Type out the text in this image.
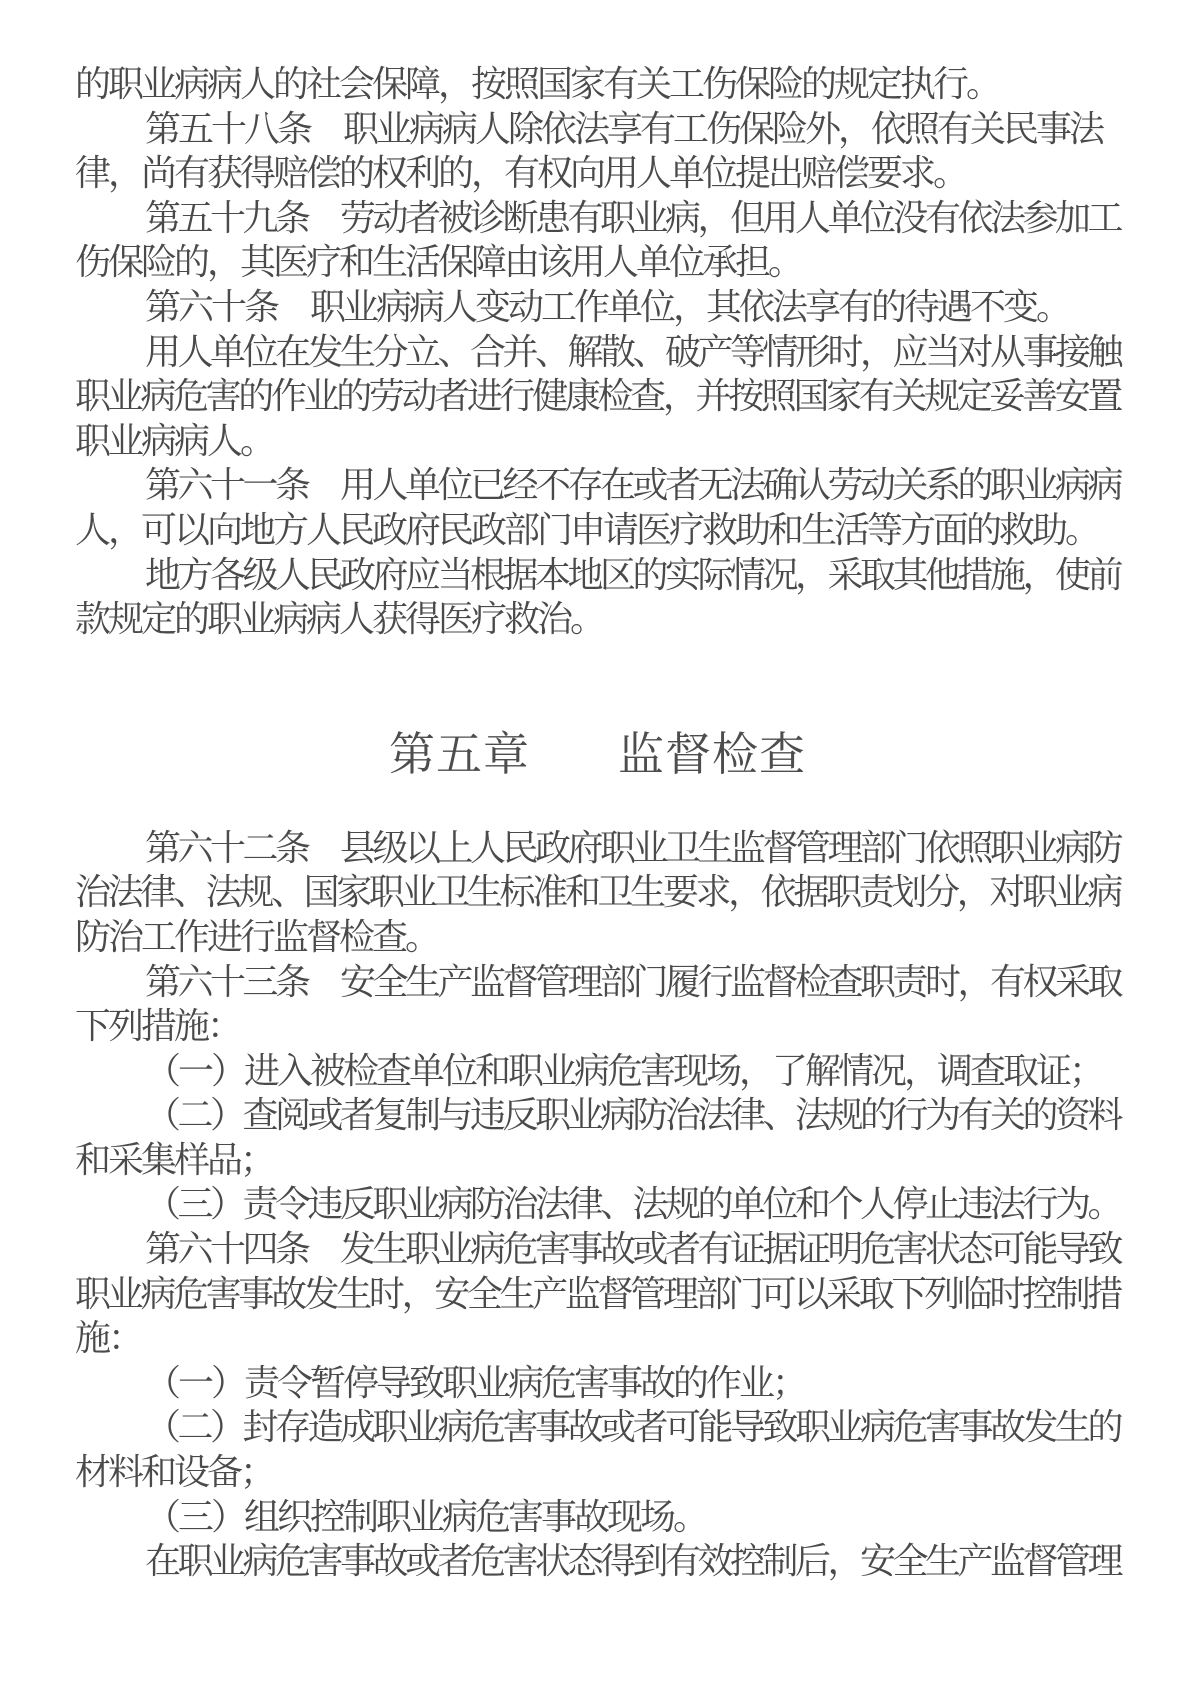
的职业病病人的社会保障，按照国家有关工伤保险的规定执行。
第五十八条　职业病病人除依法享有工伤保险外，依照有关民事法
律，尚有获得赔偿的权利的，有权向用人单位提出赔偿要求。
第五十九条　劳动者被诊断患有职业病，但用人单位没有依法参加工
伤保险的，其医疗和生活保障由该用人单位承担。
第六十条　职业病病人变动工作单位，其依法享有的待遇不变。
用人单位在发生分立、合并、解散、破产等情形时，应当对从事接触
职业病危害的作业的劳动者进行健康检查，并按照国家有关规定妥善安置
职业病病人。
第六十一条　用人单位已经不存在或者无法确认劳动关系的职业病病
人，可以向地方人民政府民政部门申请医疗救助和生活等方面的救助。
地方各级人民政府应当根据本地区的实际情况，采取其他措施，使前
款规定的职业病病人获得医疗救治。
第五章 监督检查
第六十二条　县级以上人民政府职业卫生监督管理部门依照职业病防
治法律、法规、国家职业卫生标准和卫生要求，依据职责划分，对职业病
防治工作进行监督检查。
第六十三条　安全生产监督管理部门履行监督检查职责时，有权采取
下列措施：
（一）进入被检查单位和职业病危害现场，了解情况，调查取证；
（二）查阅或者复制与违反职业病防治法律、法规的行为有关的资料
和采集样品；
（三）责令违反职业病防治法律、法规的单位和个人停止违法行为。
第六十四条　发生职业病危害事故或者有证据证明危害状态可能导致
职业病危害事故发生时，安全生产监督管理部门可以采取下列临时控制措
施：
（一）责令暂停导致职业病危害事故的作业；
（二）封存造成职业病危害事故或者可能导致职业病危害事故发生的
材料和设备；
（三）组织控制职业病危害事故现场。
在职业病危害事故或者危害状态得到有效控制后，安全生产监督管理
